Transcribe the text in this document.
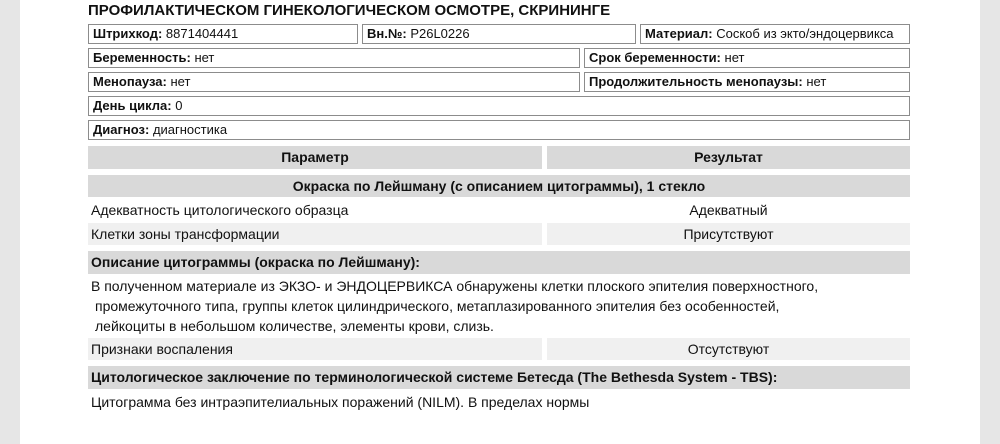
ПРОФИЛАКТИЧЕСКОМ ГИНЕКОЛОГИЧЕСКОМ ОСМОТРЕ, СКРИНИНГЕ
Штрихкод: 8871404441	Вн.№: P26L0226	Материал: Соскоб из экто/эндоцервикса
Беременность: нет	Срок беременности: нет
Менопауза: нет	Продолжительность менопаузы: нет
День цикла: 0
Диагноз: диагностика
Параметр	Результат
Окраска по Лейшману (с описанием цитограммы), 1 стекло
Адекватность цитологического образца	Адекватный
Клетки зоны трансформации	Присутствуют
Описание цитограммы (окраска по Лейшману):
В полученном материале из ЭКЗО- и ЭНДОЦЕРВИКСА обнаружены клетки плоского эпителия поверхностного,
промежуточного типа, группы клеток цилиндрического, метаплазированного эпителия без особенностей,
лейкоциты в небольшом количестве, элементы крови, слизь.
Признаки воспаления	Отсутствуют
Цитологическое заключение по терминологической системе Бетесда (The Bethesda System - TBS):
Цитограмма без интраэпителиальных поражений (NILM). В пределах нормы
